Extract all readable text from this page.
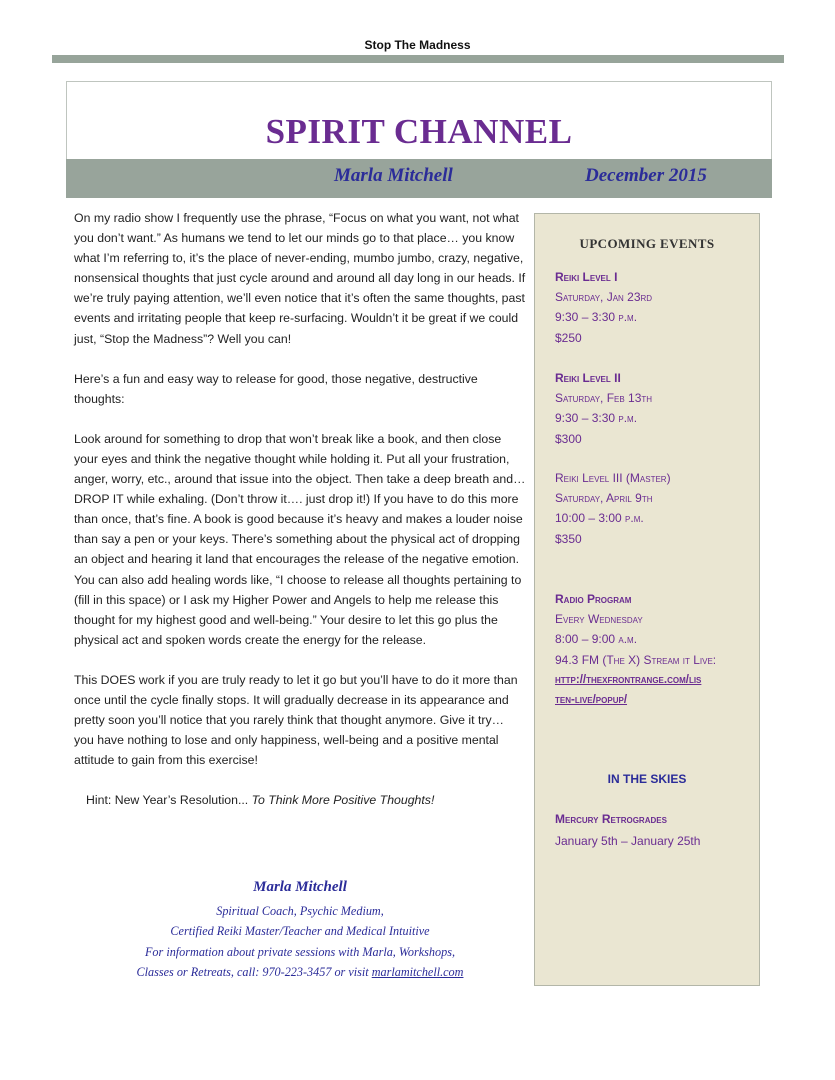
Stop The Madness
SPIRIT CHANNEL
Marla Mitchell	December 2015

On my radio show I frequently use the phrase, “Focus on what you want, not what you don’t want.” As humans we tend to let our minds go to that place… you know what I’m referring to, it’s the place of never-ending, mumbo jumbo, crazy, negative, nonsensical thoughts that just cycle around and around all day long in our heads. If we’re truly paying attention, we’ll even notice that it’s often the same thoughts, past events and irritating people that keep re-surfacing. Wouldn’t it be great if we could just, “Stop the Madness”? Well you can!

Here’s a fun and easy way to release for good, those negative, destructive thoughts:

Look around for something to drop that won’t break like a book, and then close your eyes and think the negative thought while holding it. Put all your frustration, anger, worry, etc., around that issue into the object. Then take a deep breath and… DROP IT while exhaling. (Don’t throw it…. just drop it!) If you have to do this more than once, that’s fine. A book is good because it’s heavy and makes a louder noise than say a pen or your keys. There’s something about the physical act of dropping an object and hearing it land that encourages the release of the negative emotion. You can also add healing words like, “I choose to release all thoughts pertaining to (fill in this space) or I ask my Higher Power and Angels to help me release this thought for my highest good and well-being.” Your desire to let this go plus the physical act and spoken words create the energy for the release.

This DOES work if you are truly ready to let it go but you’ll have to do it more than once until the cycle finally stops. It will gradually decrease in its appearance and pretty soon you’ll notice that you rarely think that thought anymore. Give it try… you have nothing to lose and only happiness, well-being and a positive mental attitude to gain from this exercise!

Hint: New Year’s Resolution... To Think More Positive Thoughts!

Marla Mitchell
Spiritual Coach, Psychic Medium,
Certified Reiki Master/Teacher and Medical Intuitive
For information about private sessions with Marla, Workshops,
Classes or Retreats, call: 970-223-3457 or visit marlamitchell.com
UPCOMING EVENTS
Reiki Level I
Saturday, Jan 23rd
9:30 – 3:30 p.m.
$250
Reiki Level II
Saturday, Feb 13th
9:30 – 3:30 p.m.
$300
Reiki Level III (Master)
Saturday, April 9th
10:00 – 3:00 p.m.
$350
Radio Program
Every Wednesday
8:00 – 9:00 a.m.
94.3 FM (The X) Stream it Live:
http://thexfrontrange.com/lis
ten-live/popup/
IN THE SKIES
Mercury Retrogrades
January 5th – January 25th
